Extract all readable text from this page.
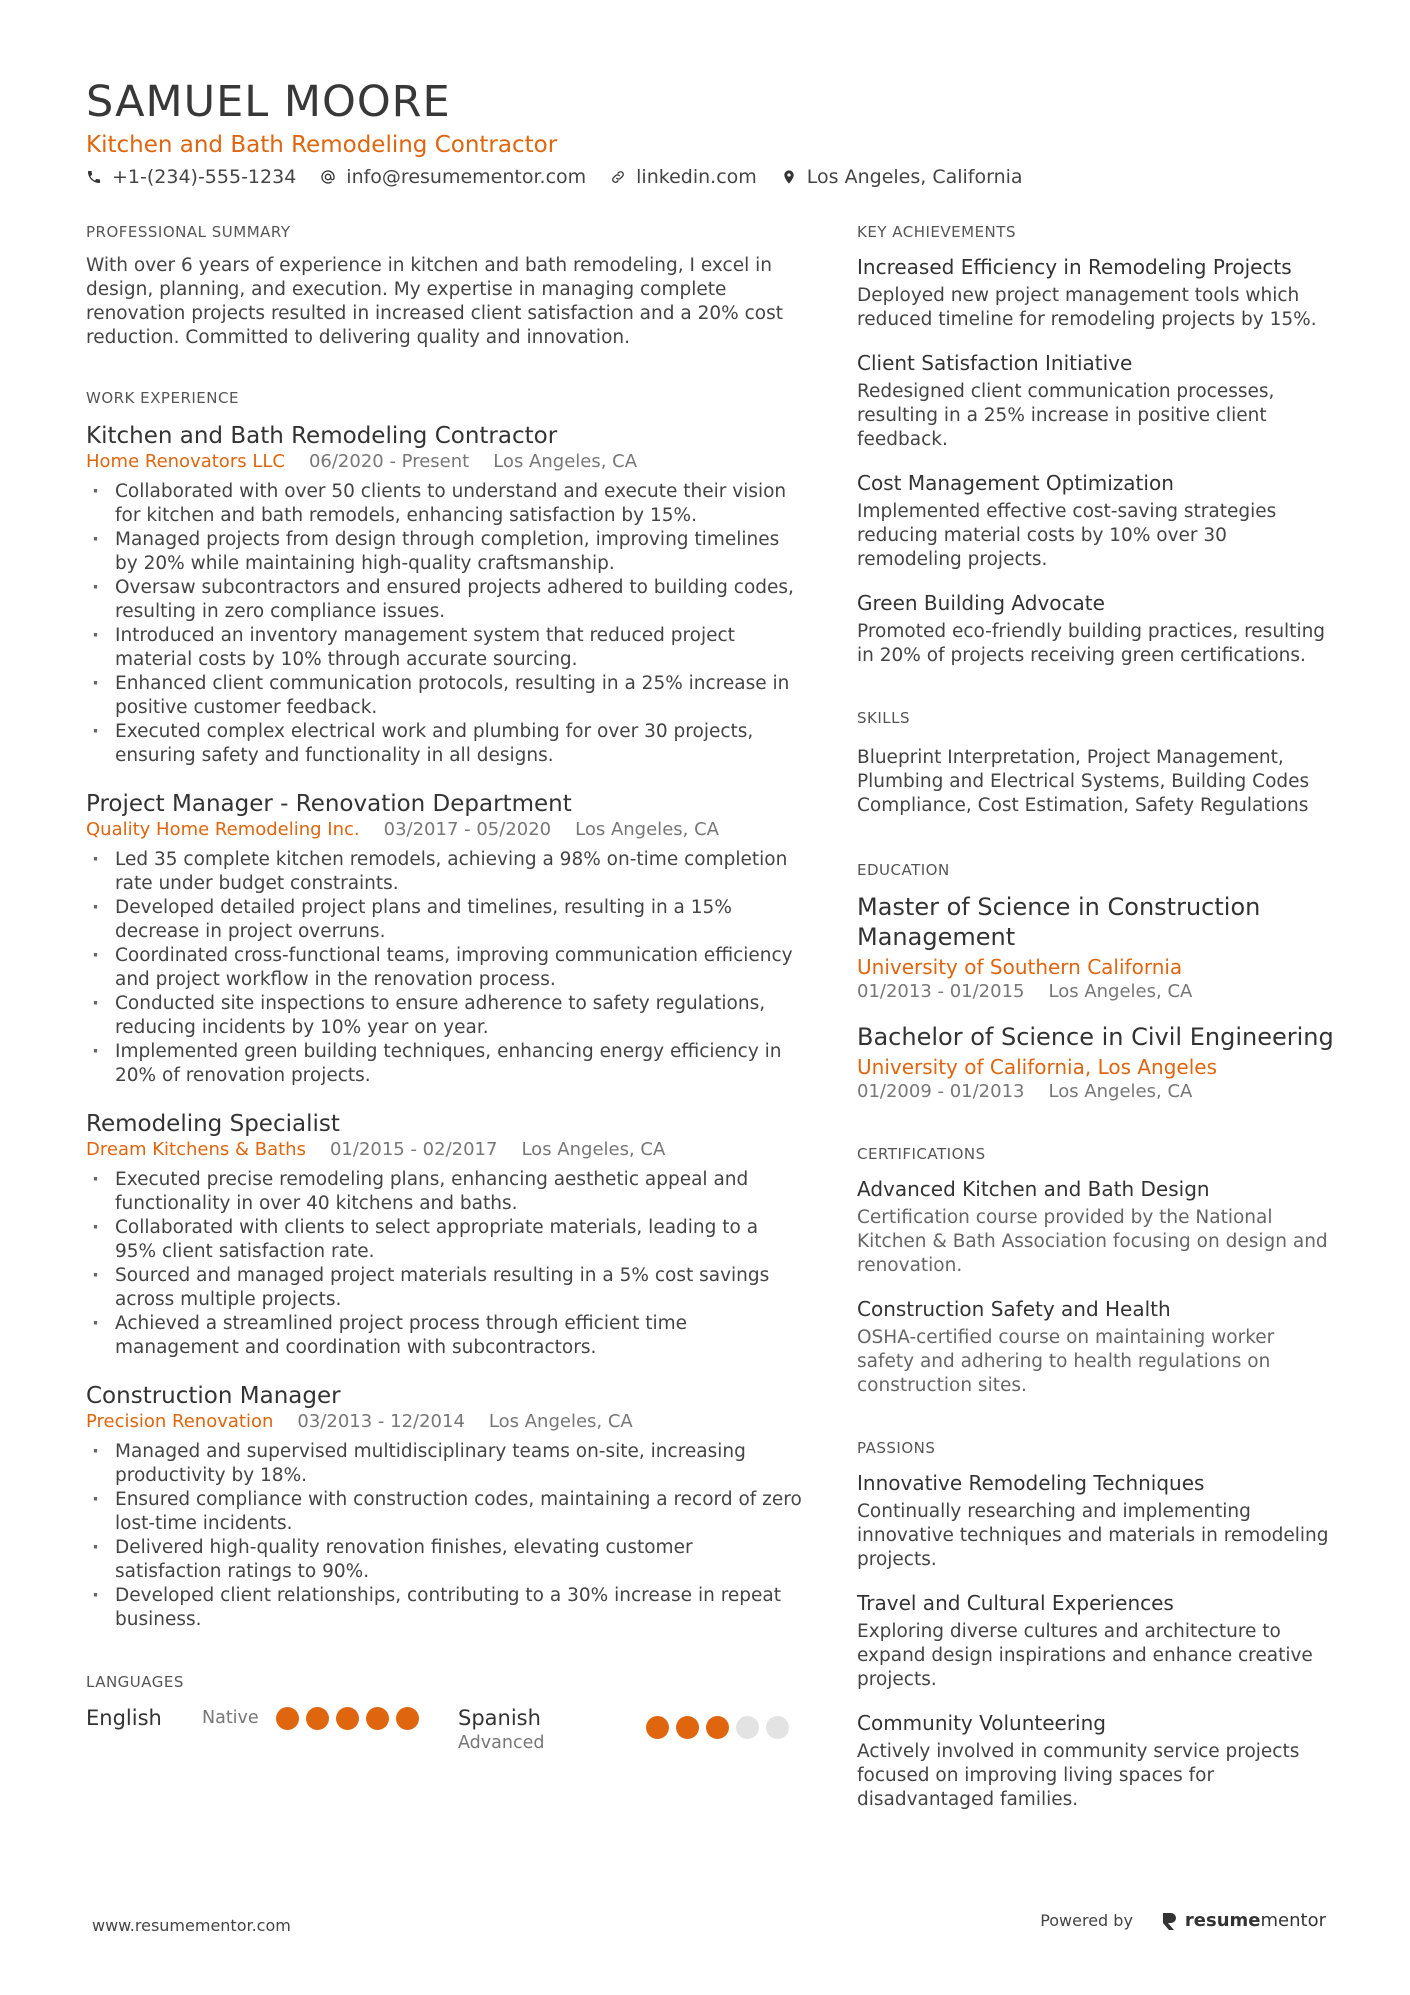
SAMUEL MOORE
Kitchen and Bath Remodeling Contractor
+1-(234)-555-1234	info@resumementor.com	linkedin.com	Los Angeles, California
PROFESSIONAL SUMMARY
With over 6 years of experience in kitchen and bath remodeling, I excel in design, planning, and execution. My expertise in managing complete renovation projects resulted in increased client satisfaction and a 20% cost reduction. Committed to delivering quality and innovation.
WORK EXPERIENCE
Kitchen and Bath Remodeling Contractor
Home Renovators LLC 06/2020 - Present Los Angeles, CA
· Collaborated with over 50 clients to understand and execute their vision for kitchen and bath remodels, enhancing satisfaction by 15%.
· Managed projects from design through completion, improving timelines by 20% while maintaining high-quality craftsmanship.
· Oversaw subcontractors and ensured projects adhered to building codes, resulting in zero compliance issues.
· Introduced an inventory management system that reduced project material costs by 10% through accurate sourcing.
· Enhanced client communication protocols, resulting in a 25% increase in positive customer feedback.
· Executed complex electrical work and plumbing for over 30 projects, ensuring safety and functionality in all designs.
Project Manager - Renovation Department
Quality Home Remodeling Inc. 03/2017 - 05/2020 Los Angeles, CA
· Led 35 complete kitchen remodels, achieving a 98% on-time completion rate under budget constraints.
· Developed detailed project plans and timelines, resulting in a 15% decrease in project overruns.
· Coordinated cross-functional teams, improving communication efficiency and project workflow in the renovation process.
· Conducted site inspections to ensure adherence to safety regulations, reducing incidents by 10% year on year.
· Implemented green building techniques, enhancing energy efficiency in 20% of renovation projects.
Remodeling Specialist
Dream Kitchens & Baths 01/2015 - 02/2017 Los Angeles, CA
· Executed precise remodeling plans, enhancing aesthetic appeal and functionality in over 40 kitchens and baths.
· Collaborated with clients to select appropriate materials, leading to a 95% client satisfaction rate.
· Sourced and managed project materials resulting in a 5% cost savings across multiple projects.
· Achieved a streamlined project process through efficient time management and coordination with subcontractors.
Construction Manager
Precision Renovation 03/2013 - 12/2014 Los Angeles, CA
· Managed and supervised multidisciplinary teams on-site, increasing productivity by 18%.
· Ensured compliance with construction codes, maintaining a record of zero lost-time incidents.
· Delivered high-quality renovation finishes, elevating customer satisfaction ratings to 90%.
· Developed client relationships, contributing to a 30% increase in repeat business.
LANGUAGES
English	Native	Spanish
Advanced
KEY ACHIEVEMENTS
Increased Efficiency in Remodeling Projects
Deployed new project management tools which reduced timeline for remodeling projects by 15%.
Client Satisfaction Initiative
Redesigned client communication processes, resulting in a 25% increase in positive client feedback.
Cost Management Optimization
Implemented effective cost-saving strategies reducing material costs by 10% over 30 remodeling projects.
Green Building Advocate
Promoted eco-friendly building practices, resulting in 20% of projects receiving green certifications.
SKILLS
Blueprint Interpretation, Project Management, Plumbing and Electrical Systems, Building Codes Compliance, Cost Estimation, Safety Regulations
EDUCATION
Master of Science in Construction Management
University of Southern California
01/2013 - 01/2015 Los Angeles, CA
Bachelor of Science in Civil Engineering
University of California, Los Angeles
01/2009 - 01/2013 Los Angeles, CA
CERTIFICATIONS
Advanced Kitchen and Bath Design
Certification course provided by the National Kitchen & Bath Association focusing on design and renovation.
Construction Safety and Health
OSHA-certified course on maintaining worker safety and adhering to health regulations on construction sites.
PASSIONS
Innovative Remodeling Techniques
Continually researching and implementing innovative techniques and materials in remodeling projects.
Travel and Cultural Experiences
Exploring diverse cultures and architecture to expand design inspirations and enhance creative projects.
Community Volunteering
Actively involved in community service projects focused on improving living spaces for disadvantaged families.
www.resumementor.com	Powered by	resume mentor
